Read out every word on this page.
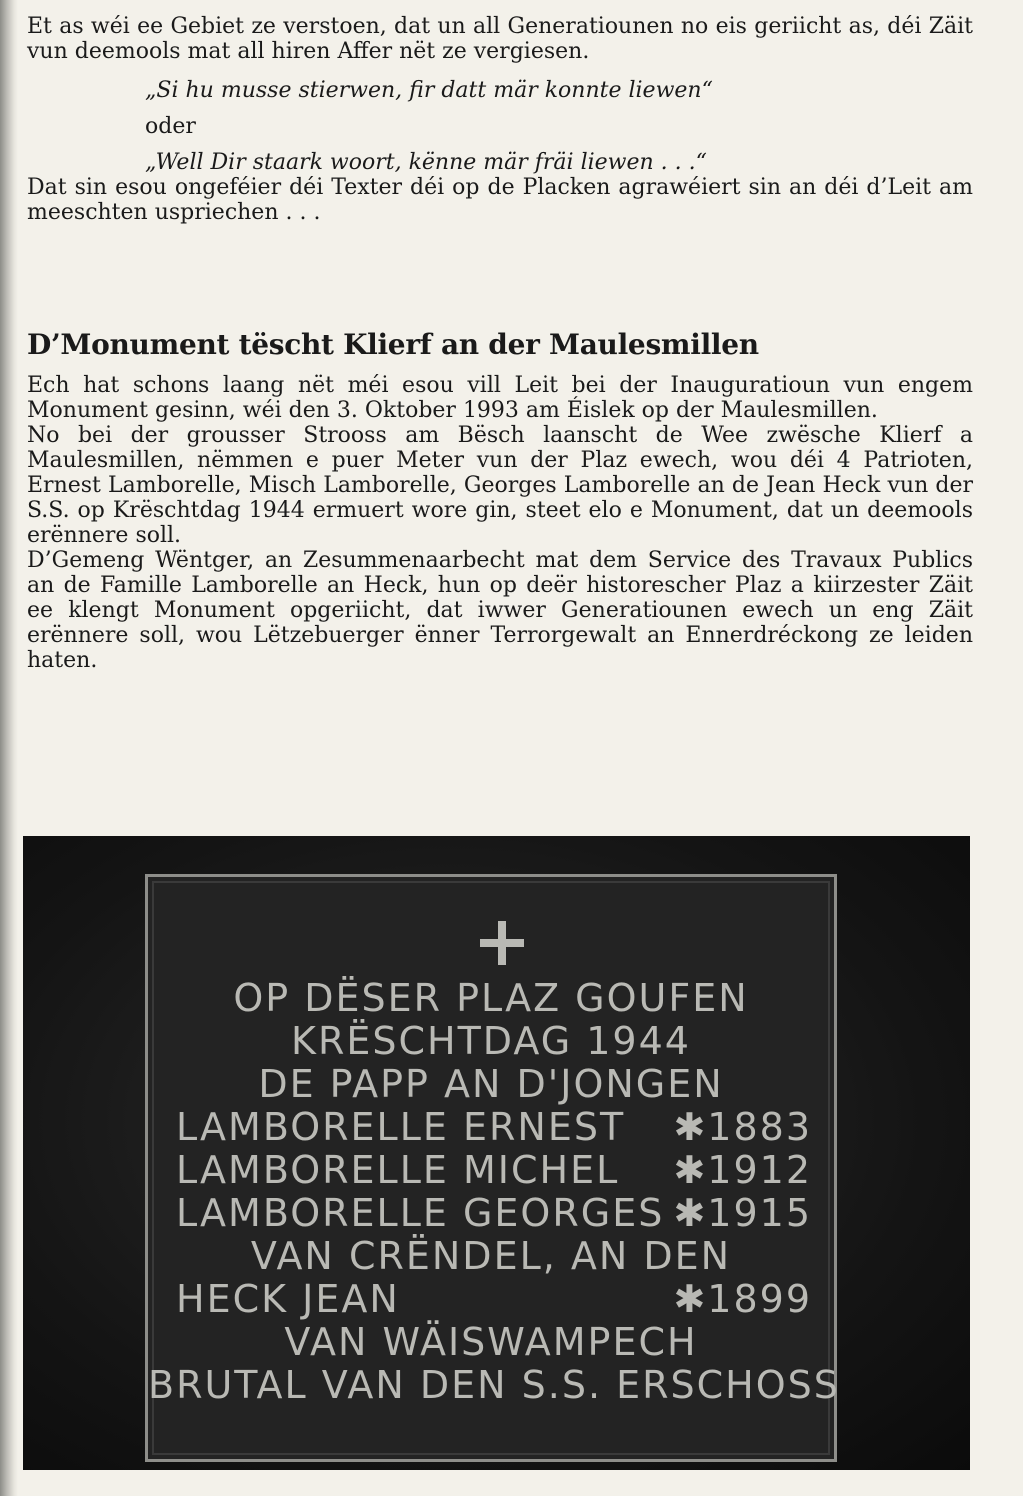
Et as wéi ee Gebiet ze verstoen, dat un all Generatiounen no eis geriicht as, déi Zäit vun deemools mat all hiren Affer nët ze vergiesen.

„Si hu musse stierwen, fir datt mär konnte liewen“
oder
„Well Dir staark woort, kënne mär fräi liewen . . .“

Dat sin esou ongeféier déi Texter déi op de Placken agrawéiert sin an déi d’Leit am meeschten uspriechen . . .

D’Monument tëscht Klierf an der Maulesmillen

Ech hat schons laang nët méi esou vill Leit bei der Inauguratioun vun engem Monument gesinn, wéi den 3. Oktober 1993 am Éislek op der Maulesmillen.

No bei der grousser Strooss am Bësch laanscht de Wee zwësche Klierf a Maulesmillen, nëmmen e puer Meter vun der Plaz ewech, wou déi 4 Patrioten, Ernest Lamborelle, Misch Lamborelle, Georges Lamborelle an de Jean Heck vun der S.S. op Krëschtdag 1944 ermuert wore gin, steet elo e Monument, dat un deemools erënnere soll.

D’Gemeng Wëntger, an Zesummenaarbecht mat dem Service des Travaux Publics an de Famille Lamborelle an Heck, hun op deër historescher Plaz a kiirzester Zäit ee klengt Monument opgeriicht, dat iwwer Generatiounen ewech un eng Zäit erënnere soll, wou Lëtzebuerger ënner Terrorgewalt an Ennerdréckong ze leiden haten.

OP DËSER PLAZ GOUFEN
KRËSCHTDAG 1944
DE PAPP AN D'JONGEN
LAMBORELLE ERNEST ✱1883
LAMBORELLE MICHEL ✱1912
LAMBORELLE GEORGES ✱1915
VAN CRËNDEL, AN DEN
HECK JEAN	✱1899
VAN WÄISWAMPECH
BRUTAL VAN DEN S.S. ERSCHOSS
